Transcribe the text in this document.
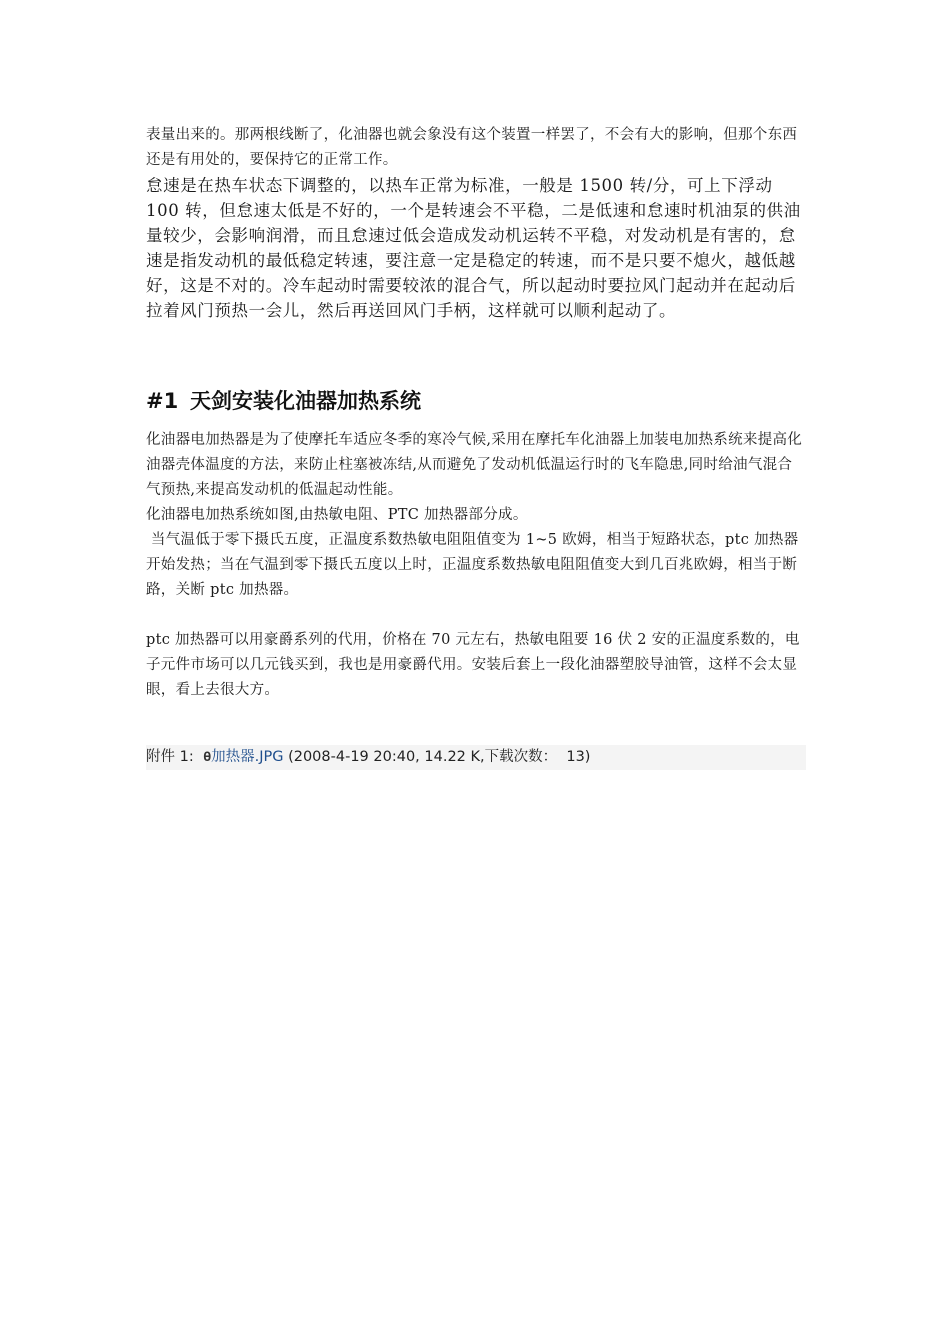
表量出来的。那两根线断了，化油器也就会象没有这个装置一样罢了，不会有大的影响，但那个东西还是有用处的，要保持它的正常工作。

怠速是在热车状态下调整的，以热车正常为标准，一般是 1500 转/分，可上下浮动 100 转，但怠速太低是不好的，一个是转速会不平稳，二是低速和怠速时机油泵的供油量较少，会影响润滑，而且怠速过低会造成发动机运转不平稳，对发动机是有害的，怠速是指发动机的最低稳定转速，要注意一定是稳定的转速，而不是只要不熄火，越低越好，这是不对的。冷车起动时需要较浓的混合气，所以起动时要拉风门起动并在起动后拉着风门预热一会儿，然后再送回风门手柄，这样就可以顺利起动了。

#1 天剑安装化油器加热系统

化油器电加热器是为了使摩托车适应冬季的寒冷气候,采用在摩托车化油器上加装电加热系统来提高化油器壳体温度的方法，来防止柱塞被冻结,从而避免了发动机低温运行时的飞车隐患,同时给油气混合气预热,来提高发动机的低温起动性能。

化油器电加热系统如图,由热敏电阻、PTC 加热器部分成。

当气温低于零下摄氏五度，正温度系数热敏电阻阻值变为 1~5 欧姆，相当于短路状态，ptc 加热器开始发热；当在气温到零下摄氏五度以上时，正温度系数热敏电阻阻值变大到几百兆欧姆，相当于断路，关断 ptc 加热器。

ptc 加热器可以用豪爵系列的代用，价格在 70 元左右，热敏电阻要 16 伏 2 安的正温度系数的，电子元件市场可以几元钱买到，我也是用豪爵代用。安装后套上一段化油器塑胶导油管，这样不会太显眼，看上去很大方。

附件 1: 𝛉加热器.JPG (2008-4-19 20:40, 14.22 K,下载次数：  13)
